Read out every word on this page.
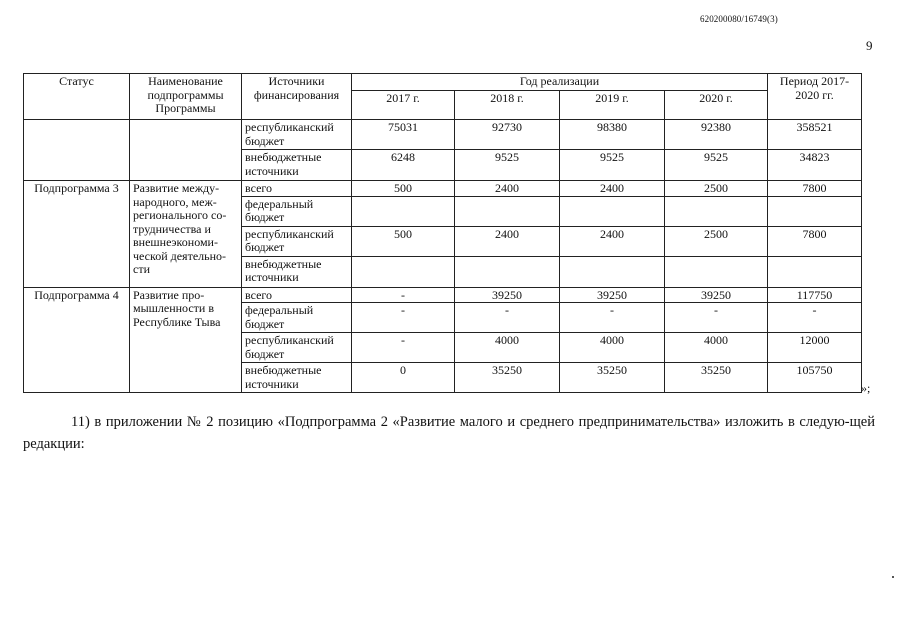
620200080/16749(3)
9
Статус	Наименование подпрограммы Программы	Источники финансирования	Год реализации				Период 2017-2020 гг.
			2017 г.	2018 г.	2019 г.	2020 г.	
		республиканский бюджет	75031	92730	98380	92380	358521
		внебюджетные источники	6248	9525	9525	9525	34823
Подпрограмма 3	Развитие между-народного, меж-регионального со-трудничества и внешнеэкономи-ческой деятельно-сти	всего	500	2400	2400	2500	7800
		федеральный бюджет					
		республиканский бюджет	500	2400	2400	2500	7800
		внебюджетные источники					
Подпрограмма 4	Развитие про-мышленности в Республике Тыва	всего	-	39250	39250	39250	117750
		федеральный бюджет	-	-	-	-	-
		республиканский бюджет	-	4000	4000	4000	12000
		внебюджетные источники	0	35250	35250	35250	105750
»;

11) в приложении № 2 позицию «Подпрограмма 2 «Развитие малого и среднего предпринимательства» изложить в следую-щей редакции:
